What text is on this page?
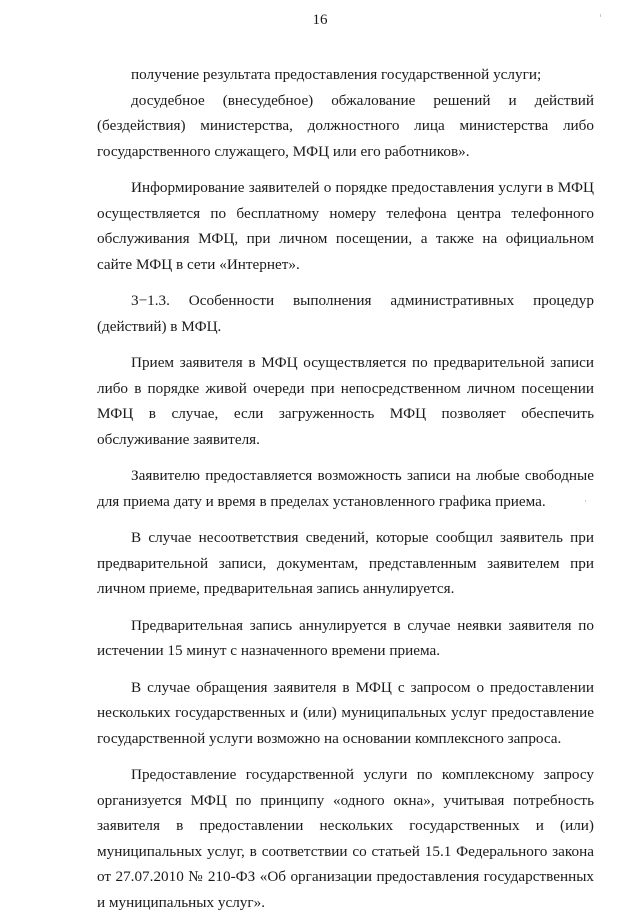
16

получение результата предоставления государственной услуги;

досудебное (внесудебное) обжалование решений и действий (бездействия) министерства, должностного лица министерства либо государственного служащего, МФЦ или его работников».

Информирование заявителей о порядке предоставления услуги в МФЦ осуществляется по бесплатному номеру телефона центра телефонного обслуживания МФЦ, при личном посещении, а также на официальном сайте МФЦ в сети «Интернет».

3−1.3. Особенности выполнения административных процедур (действий) в МФЦ.

Прием заявителя в МФЦ осуществляется по предварительной записи либо в порядке живой очереди при непосредственном личном посещении МФЦ в случае, если загруженность МФЦ позволяет обеспечить обслуживание заявителя.

Заявителю предоставляется возможность записи на любые свободные для приема дату и время в пределах установленного графика приема.

В случае несоответствия сведений, которые сообщил заявитель при предварительной записи, документам, представленным заявителем при личном приеме, предварительная запись аннулируется.

Предварительная запись аннулируется в случае неявки заявителя по истечении 15 минут с назначенного времени приема.

В случае обращения заявителя в МФЦ с запросом о предоставлении нескольких государственных и (или) муниципальных услуг предоставление государственной услуги возможно на основании комплексного запроса.

Предоставление государственной услуги по комплексному запросу организуется МФЦ по принципу «одного окна», учитывая потребность заявителя в предоставлении нескольких государственных и (или) муниципальных услуг, в соответствии со статьей 15.1 Федерального закона от 27.07.2010 № 210-ФЗ «Об организации предоставления государственных и муниципальных услуг».
